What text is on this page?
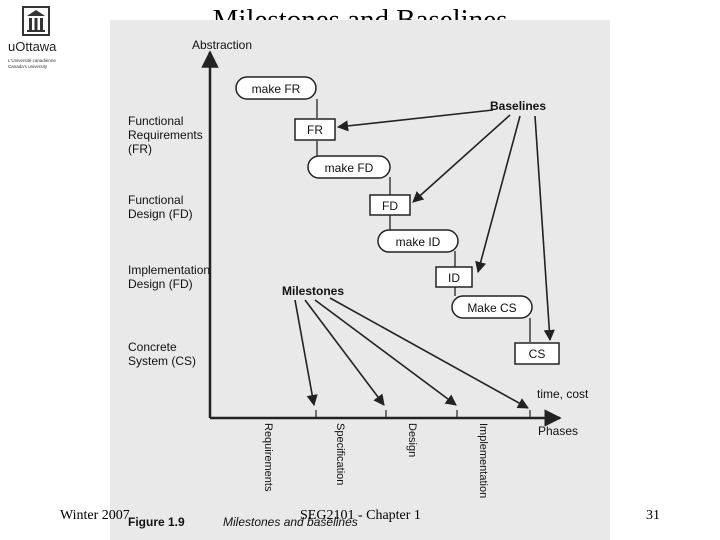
uOttawa
L'Université canadienne
Canada's university
Abstraction
time, cost
Phases
Functional Requirements (FR)
Functional Design (FD)
Implementation Design (FD)
Concrete System (CS)
make FR
make FD
make ID
Make CS
FR
FD
ID
CS
Baselines
Milestones
Requirements	Specification	Design	Implementation
Figure 1.9	Milestones and baselines
Winter 2007	SEG2101 - Chapter 1	31
